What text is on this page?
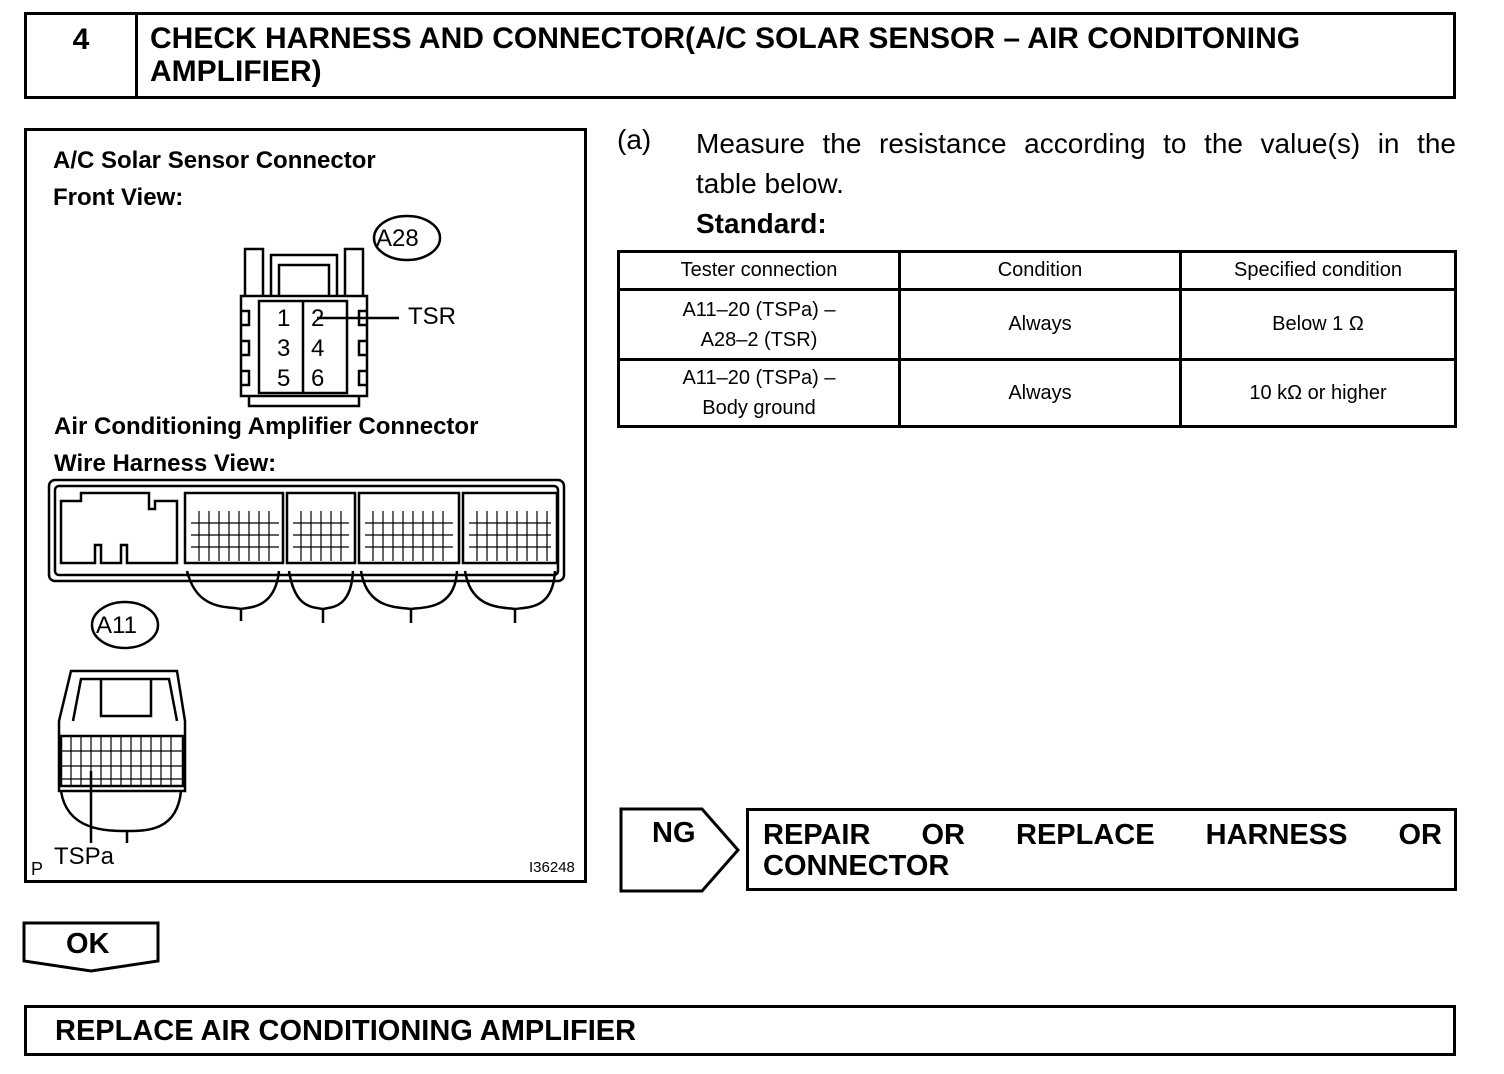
4	CHECK HARNESS AND CONNECTOR(A/C SOLAR SENSOR – AIR CONDITONING AMPLIFIER)
A/C Solar Sensor Connector
Front View:
A28
TSR
1 2
3 4
5 6
Air Conditioning Amplifier Connector
Wire Harness View:
A11
TSPa
P	I36248
(a) Measure the resistance according to the value(s) in the
table below.
Standard:
Tester connection	Condition	Specified condition

A11–20 (TSPa) –
A28–2 (TSR)	Always	Below 1 Ω

A11–20 (TSPa) –
Body ground	Always	10 kΩ or higher
NG REPAIR OR REPLACE HARNESS OR
CONNECTOR
OK
REPLACE AIR CONDITIONING AMPLIFIER
